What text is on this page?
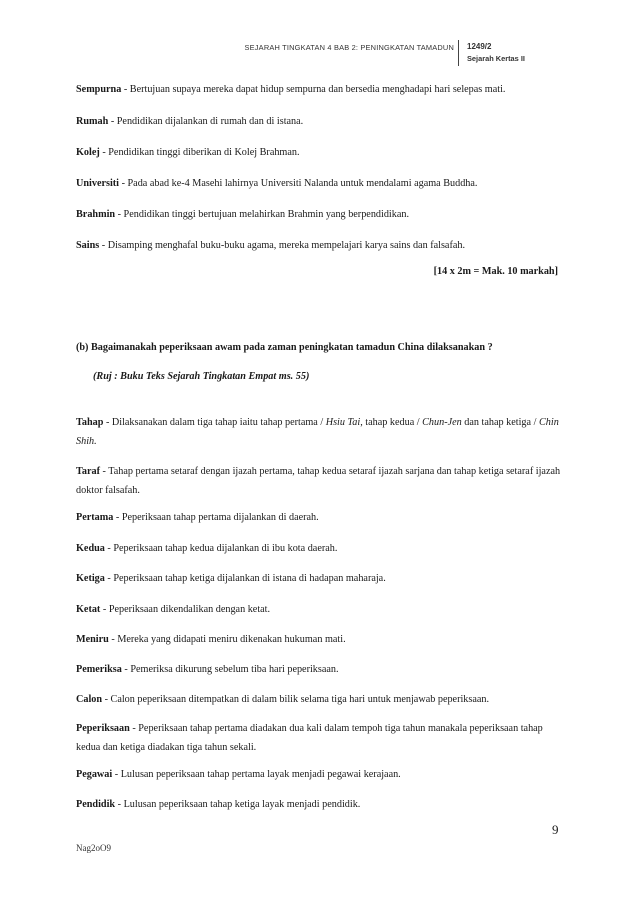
SEJARAH TINGKATAN 4 BAB 2: PENINGKATAN TAMADUN 1249/2
Sejarah Kertas II
Sempurna - Bertujuan supaya mereka dapat hidup sempurna dan bersedia menghadapi hari selepas mati.
Rumah - Pendidikan dijalankan di rumah dan di istana.
Kolej - Pendidikan tinggi diberikan di Kolej Brahman.
Universiti - Pada abad ke-4 Masehi lahirnya Universiti Nalanda untuk mendalami agama Buddha.
Brahmin - Pendidikan tinggi bertujuan melahirkan Brahmin yang berpendidikan.
Sains - Disamping menghafal buku-buku agama, mereka mempelajari karya sains dan falsafah.
[14 x 2m = Mak. 10 markah]
(b) Bagaimanakah peperiksaan awam pada zaman peningkatan tamadun China dilaksanakan ?
(Ruj : Buku Teks Sejarah Tingkatan Empat ms. 55)
Tahap - Dilaksanakan dalam tiga tahap iaitu tahap pertama / Hsiu Tai, tahap kedua / Chun-Jen dan tahap ketiga / Chin Shih.
Taraf - Tahap pertama setaraf dengan ijazah pertama, tahap kedua setaraf ijazah sarjana dan tahap ketiga setaraf ijazah doktor falsafah.
Pertama - Peperiksaan tahap pertama dijalankan di daerah.
Kedua - Peperiksaan tahap kedua dijalankan di ibu kota daerah.
Ketiga - Peperiksaan tahap ketiga dijalankan di istana di hadapan maharaja.
Ketat - Peperiksaan dikendalikan dengan ketat.
Meniru - Mereka yang didapati meniru dikenakan hukuman mati.
Pemeriksa - Pemeriksa dikurung sebelum tiba hari peperiksaan.
Calon - Calon peperiksaan ditempatkan di dalam bilik selama tiga hari untuk menjawab peperiksaan.
Peperiksaan - Peperiksaan tahap pertama diadakan dua kali dalam tempoh tiga tahun manakala peperiksaan tahap kedua dan ketiga diadakan tiga tahun sekali.
Pegawai - Lulusan peperiksaan tahap pertama layak menjadi pegawai kerajaan.
Pendidik - Lulusan peperiksaan tahap ketiga layak menjadi pendidik.
9
Nag2oO9
